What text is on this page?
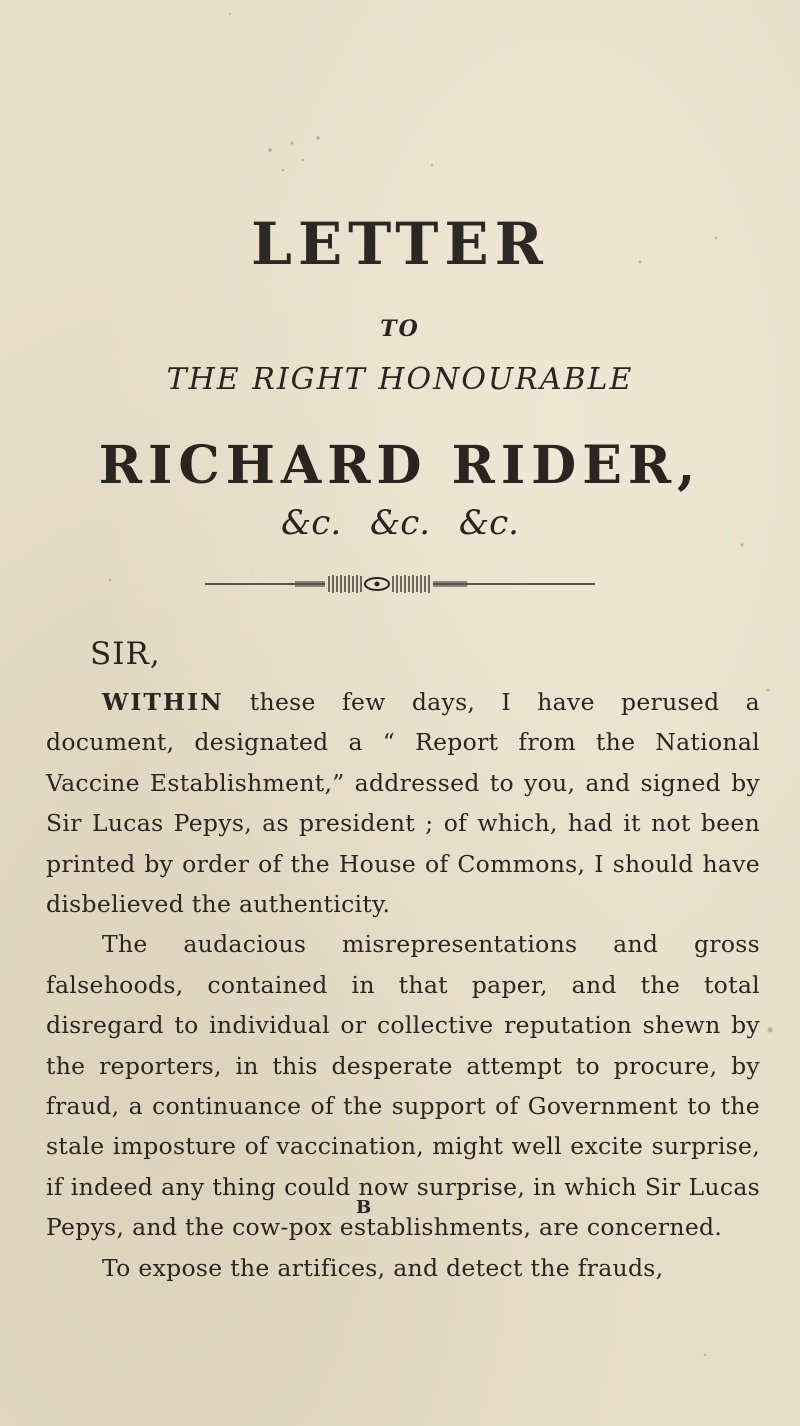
LETTER
TO
THE RIGHT HONOURABLE
RICHARD RIDER,
&c. &c. &c.
SIR,

WITHIN these few days, I have perused a document, designated a “ Report from the National Vaccine Establishment,” addressed to you, and signed by Sir Lucas Pepys, as president ; of which, had it not been printed by order of the House of Commons, I should have disbelieved the authenticity.

The audacious misrepresentations and gross falsehoods, contained in that paper, and the total disregard to individual or collective reputation shewn by the reporters, in this desperate attempt to procure, by fraud, a continuance of the support of Government to the stale imposture of vaccination, might well excite surprise, if indeed any thing could now surprise, in which Sir Lucas Pepys, and the cow-pox establishments, are concerned.

To expose the artifices, and detect the frauds,

B
